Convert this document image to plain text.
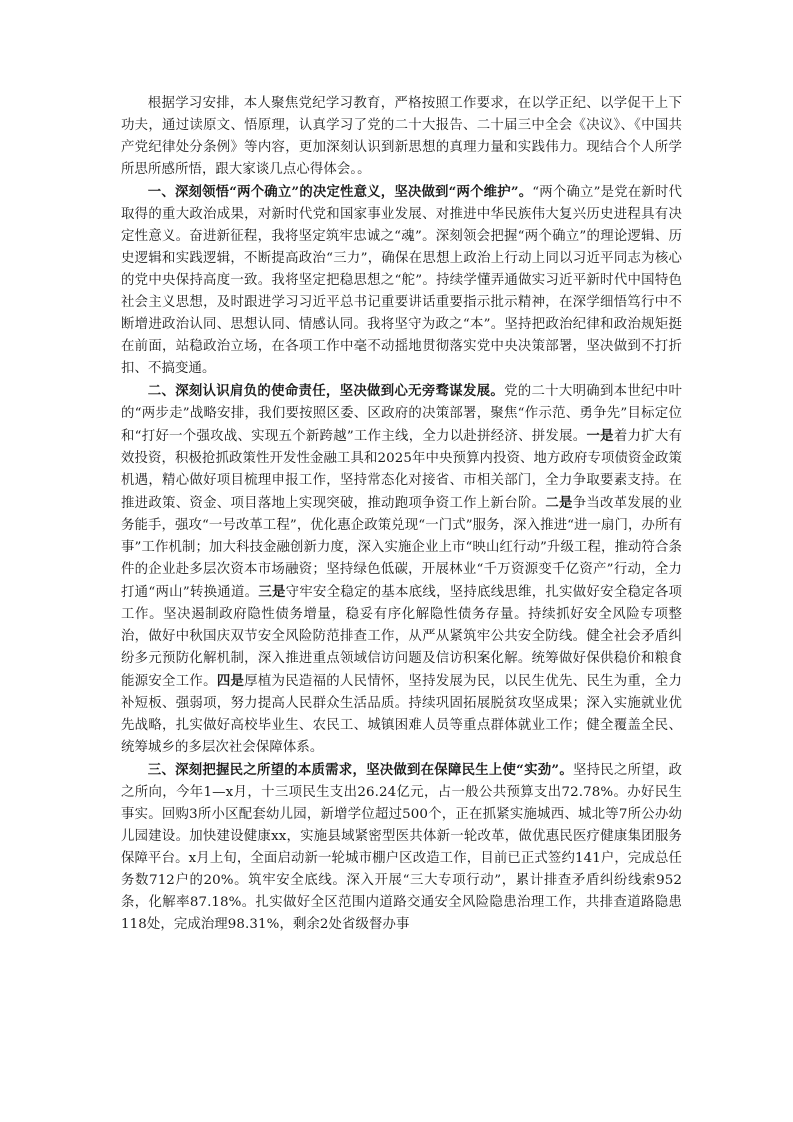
根据学习安排，本人聚焦党纪学习教育，严格按照工作要求，在以学正纪、以学促干上下功夫，通过读原文、悟原理，认真学习了党的二十大报告、二十届三中全会《决议》、《中国共产党纪律处分条例》等内容，更加深刻认识到新思想的真理力量和实践伟力。现结合个人所学所思所感所悟，跟大家谈几点心得体会。。

一、深刻领悟“两个确立”的决定性意义，坚决做到“两个维护”。“两个确立”是党在新时代取得的重大政治成果，对新时代党和国家事业发展、对推进中华民族伟大复兴历史进程具有决定性意义。奋进新征程，我将坚定筑牢忠诚之“魂”。深刻领会把握“两个确立”的理论逻辑、历史逻辑和实践逻辑，不断提高政治“三力”，确保在思想上政治上行动上同以习近平同志为核心的党中央保持高度一致。我将坚定把稳思想之“舵”。持续学懂弄通做实习近平新时代中国特色社会主义思想，及时跟进学习习近平总书记重要讲话重要指示批示精神，在深学细悟笃行中不断增进政治认同、思想认同、情感认同。我将坚守为政之“本”。坚持把政治纪律和政治规矩挺在前面，站稳政治立场，在各项工作中毫不动摇地贯彻落实党中央决策部署，坚决做到不打折扣、不搞变通。

二、深刻认识肩负的使命责任，坚决做到心无旁骛谋发展。党的二十大明确到本世纪中叶的“两步走”战略安排，我们要按照区委、区政府的决策部署，聚焦“作示范、勇争先”目标定位和“打好一个强攻战、实现五个新跨越”工作主线，全力以赴拼经济、拼发展。一是着力扩大有效投资，积极抢抓政策性开发性金融工具和2025年中央预算内投资、地方政府专项债资金政策机遇，精心做好项目梳理申报工作，坚持常态化对接省、市相关部门，全力争取要素支持。在推进政策、资金、项目落地上实现突破，推动跑项争资工作上新台阶。二是争当改革发展的业务能手，强攻“一号改革工程”，优化惠企政策兑现“一门式”服务，深入推进“进一扇门，办所有事”工作机制；加大科技金融创新力度，深入实施企业上市“映山红行动”升级工程，推动符合条件的企业赴多层次资本市场融资；坚持绿色低碳，开展林业“千万资源变千亿资产”行动，全力打通“两山”转换通道。三是守牢安全稳定的基本底线，坚持底线思维，扎实做好安全稳定各项工作。坚决遏制政府隐性债务增量，稳妥有序化解隐性债务存量。持续抓好安全风险专项整治，做好中秋国庆双节安全风险防范排查工作，从严从紧筑牢公共安全防线。健全社会矛盾纠纷多元预防化解机制，深入推进重点领域信访问题及信访积案化解。统筹做好保供稳价和粮食能源安全工作。四是厚植为民造福的人民情怀，坚持发展为民，以民生优先、民生为重，全力补短板、强弱项，努力提高人民群众生活品质。持续巩固拓展脱贫攻坚成果；深入实施就业优先战略，扎实做好高校毕业生、农民工、城镇困难人员等重点群体就业工作；健全覆盖全民、统筹城乡的多层次社会保障体系。

三、深刻把握民之所望的本质需求，坚决做到在保障民生上使“实劲”。坚持民之所望，政之所向，今年1—x月，十三项民生支出26.24亿元，占一般公共预算支出72.78%。办好民生事实。回购3所小区配套幼儿园，新增学位超过500个，正在抓紧实施城西、城北等7所公办幼儿园建设。加快建设健康xx，实施县域紧密型医共体新一轮改革，做优惠民医疗健康集团服务保障平台。x月上旬，全面启动新一轮城市棚户区改造工作，目前已正式签约141户，完成总任务数712户的20%。筑牢安全底线。深入开展“三大专项行动”，累计排查矛盾纠纷线索952条，化解率87.18%。扎实做好全区范围内道路交通安全风险隐患治理工作，共排查道路隐患118处，完成治理98.31%，剩余2处省级督办事
